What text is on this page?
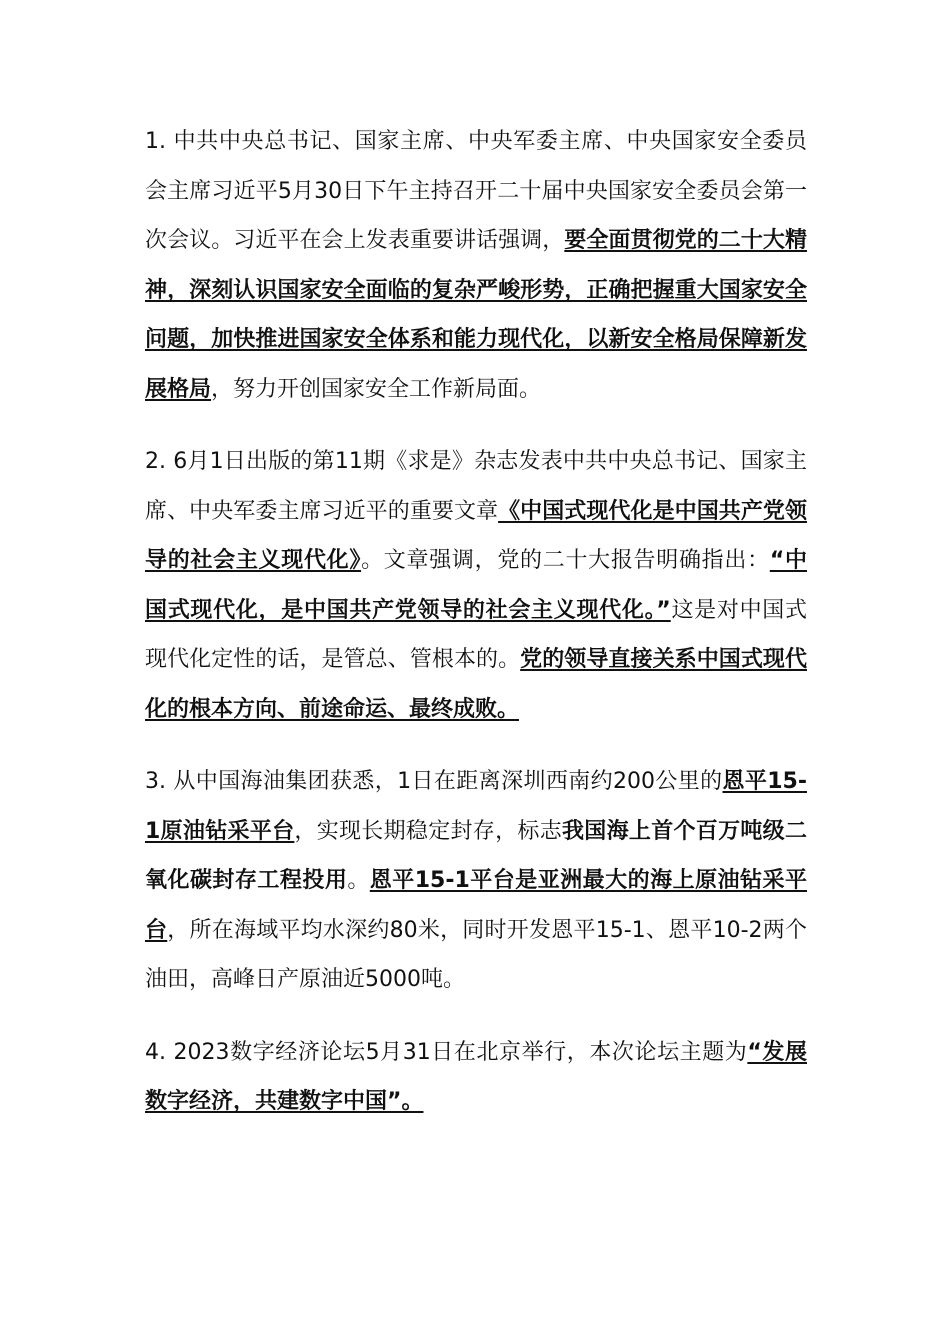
1. 中共中央总书记、国家主席、中央军委主席、中央国家安全委员会主席习近平5月30日下午主持召开二十届中央国家安全委员会第一次会议。习近平在会上发表重要讲话强调，要全面贯彻党的二十大精神，深刻认识国家安全面临的复杂严峻形势，正确把握重大国家安全问题，加快推进国家安全体系和能力现代化，以新安全格局保障新发展格局，努力开创国家安全工作新局面。

2. 6月1日出版的第11期《求是》杂志发表中共中央总书记、国家主席、中央军委主席习近平的重要文章《中国式现代化是中国共产党领导的社会主义现代化》。文章强调，党的二十大报告明确指出：“中国式现代化，是中国共产党领导的社会主义现代化。”这是对中国式现代化定性的话，是管总、管根本的。党的领导直接关系中国式现代化的根本方向、前途命运、最终成败。

3. 从中国海油集团获悉，1日在距离深圳西南约200公里的恩平15-1原油钻采平台，实现长期稳定封存，标志我国海上首个百万吨级二氧化碳封存工程投用。恩平15-1平台是亚洲最大的海上原油钻采平台，所在海域平均水深约80米，同时开发恩平15-1、恩平10-2两个油田，高峰日产原油近5000吨。

4. 2023数字经济论坛5月31日在北京举行，本次论坛主题为“发展数字经济，共建数字中国”。
